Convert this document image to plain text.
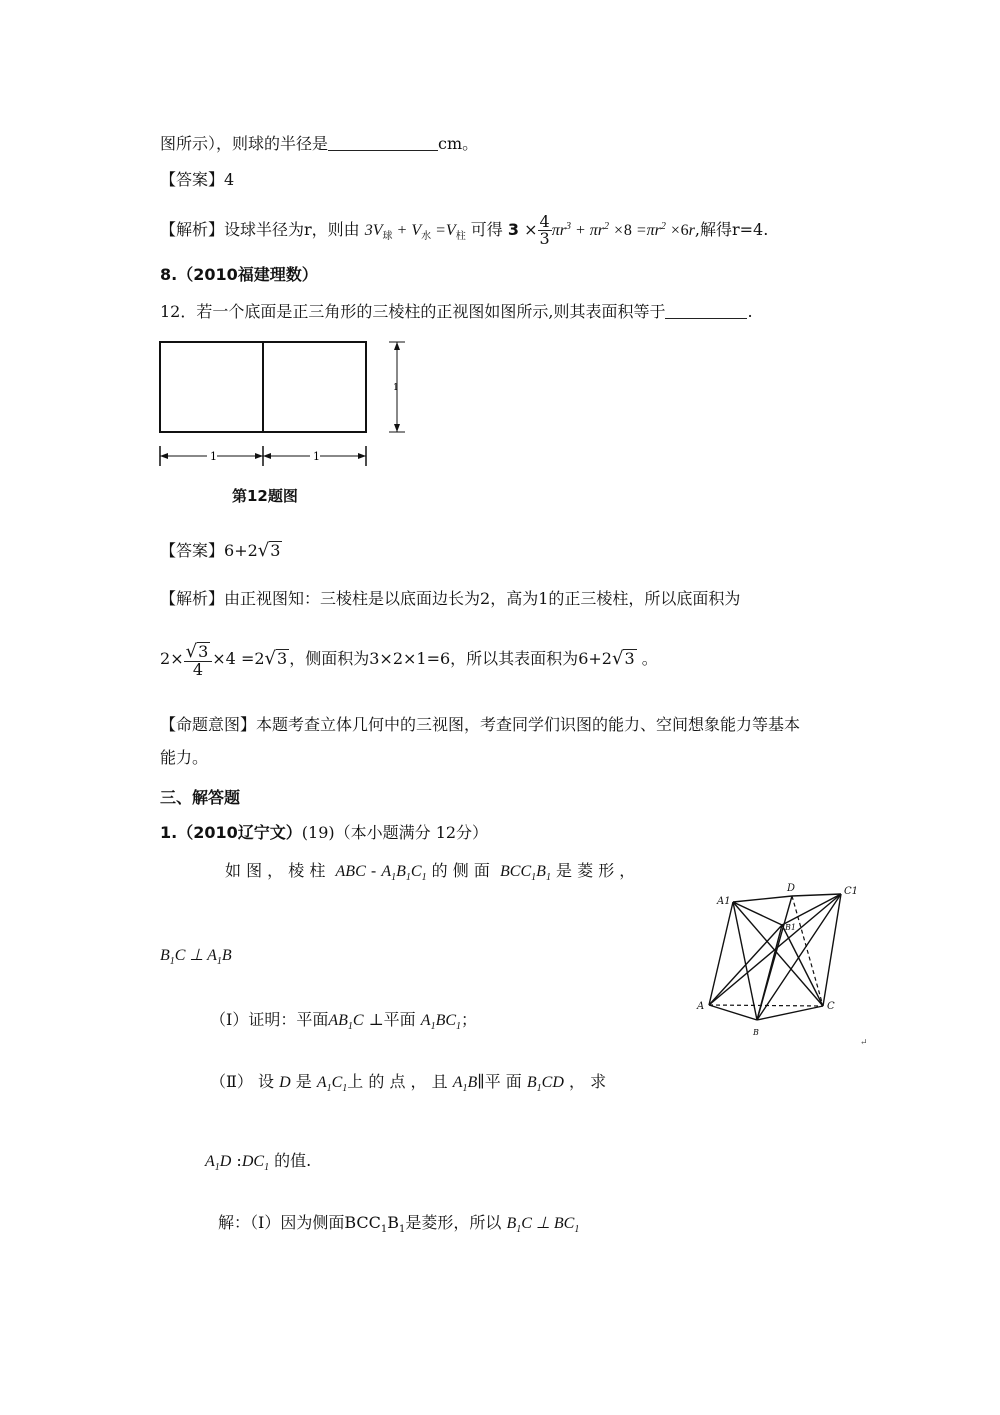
图所示），则球的半径是	cm。
【答案】4
【解析】设球半径为r，则由 $3V_球 + V_水 =V_柱$ 可得 $3 \times \frac{4}{3} \pi r^3 + \pi r^2 \times 8 =\pi r^2 \times 6r$,解得r=4.
8.（2010福建理数）
12．若一个底面是正三角形的三棱柱的正视图如图所示,则其表面积等于	.
1
1	1
第12题图
【答案】6+2√3
【解析】由正视图知：三棱柱是以底面边长为2，高为1的正三棱柱，所以底面积为
$2\times \frac{√3}{4} \times 4 =2√3$ ，侧面积为3×2×1=6，所以其表面积为6+2√3 。
【命题意图】本题考查立体几何中的三视图，考查同学们识图的能力、空间想象能力等基本
能力。
三、解答题
1.（2010辽宁文）(19)（本小题满分 12分）
如 图 ， 棱 柱 ABC - $A_1B_1C_1$ 的 侧 面 $BCC_1B_1$ 是 菱 形 ，
$B_1C$ ⊥ $A_1B$
（Ⅰ）证明：平面$AB_1C$ ⊥平面 $A_1BC_1$；
（Ⅱ） 设 D 是 $A_1C_1$上 的 点 ， 且 $A_1B\parallel$平 面 $B_1CD$ ， 求
$A_1D$ $:DC_1$ 的值.
解：（Ⅰ）因为侧面$BCC_1B_1$是菱形，所以 $B_1C$ ⊥ $BC_1$
A1
D	C1
B1
A	C
B
↵
